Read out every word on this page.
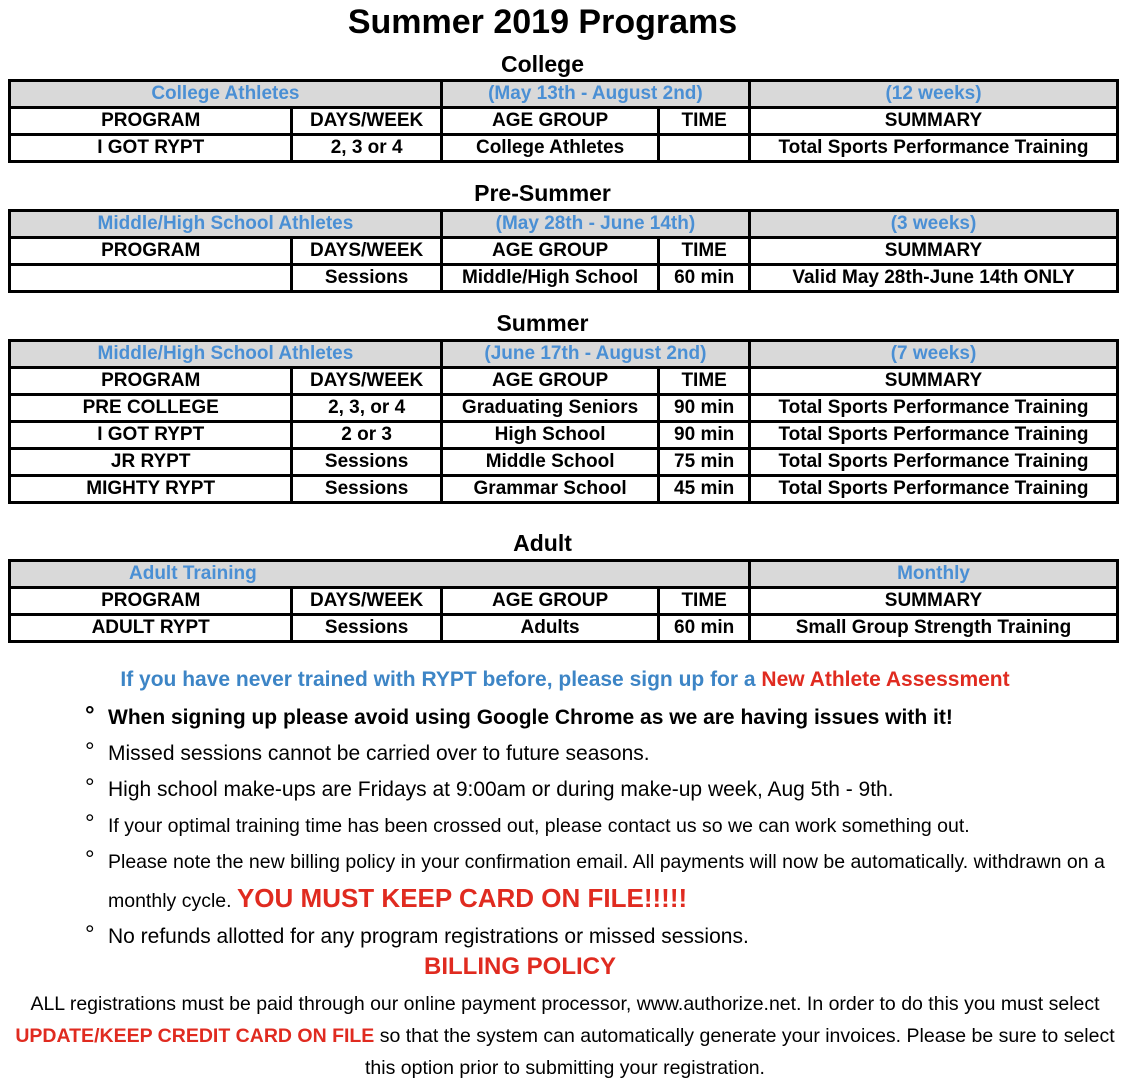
Summer 2019 Programs
College
College Athletes		(May 13th - August 2nd)		(12 weeks)
PROGRAM	DAYS/WEEK	AGE GROUP	TIME	SUMMARY
I GOT RYPT	2, 3 or 4	College Athletes		Total Sports Performance Training
Pre-Summer
Middle/High School Athletes		(May 28th - June 14th)		(3 weeks)
PROGRAM	DAYS/WEEK	AGE GROUP	TIME	SUMMARY
	Sessions	Middle/High School	60 min	Valid May 28th-June 14th ONLY
Summer
Middle/High School Athletes		(June 17th - August 2nd)		(7 weeks)
PROGRAM	DAYS/WEEK	AGE GROUP	TIME	SUMMARY
PRE COLLEGE	2, 3, or 4	Graduating Seniors	90 min	Total Sports Performance Training
I GOT RYPT	2 or 3	High School	90 min	Total Sports Performance Training
JR RYPT	Sessions	Middle School	75 min	Total Sports Performance Training
MIGHTY RYPT	Sessions	Grammar School	45 min	Total Sports Performance Training
Adult
Adult Training				Monthly
PROGRAM	DAYS/WEEK	AGE GROUP	TIME	SUMMARY
ADULT RYPT	Sessions	Adults	60 min	Small Group Strength Training
If you have never trained with RYPT before, please sign up for a New Athlete Assessment
° When signing up please avoid using Google Chrome as we are having issues with it!
° Missed sessions cannot be carried over to future seasons.
° High school make-ups are Fridays at 9:00am or during make-up week, Aug 5th - 9th.
° If your optimal training time has been crossed out, please contact us so we can work something out.
° Please note the new billing policy in your confirmation email. All payments will now be automatically. withdrawn on a monthly cycle. YOU MUST KEEP CARD ON FILE!!!!!
° No refunds allotted for any program registrations or missed sessions.
BILLING POLICY
ALL registrations must be paid through our online payment processor, www.authorize.net. In order to do this you must select UPDATE/KEEP CREDIT CARD ON FILE so that the system can automatically generate your invoices. Please be sure to select this option prior to submitting your registration.
